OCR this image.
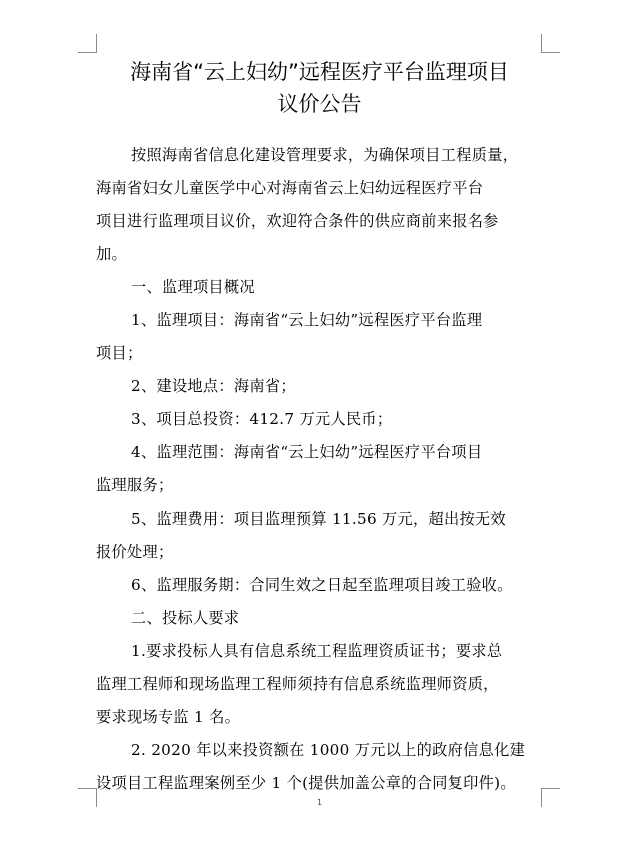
海南省“云上妇幼”远程医疗平台监理项目
议价公告
按照海南省信息化建设管理要求，为确保项目工程质量，
海南省妇女儿童医学中心对海南省云上妇幼远程医疗平台
项目进行监理项目议价，欢迎符合条件的供应商前来报名参
加。
一、监理项目概况
1、监理项目：海南省“云上妇幼”远程医疗平台监理
项目；
2、建设地点：海南省；
3、项目总投资：412.7 万元人民币；
4、监理范围：海南省“云上妇幼”远程医疗平台项目
监理服务；
5、监理费用：项目监理预算 11.56 万元，超出按无效
报价处理；
6、监理服务期：合同生效之日起至监理项目竣工验收。
二、投标人要求
1.要求投标人具有信息系统工程监理资质证书；要求总
监理工程师和现场监理工程师须持有信息系统监理师资质，
要求现场专监 1 名。
2. 2020 年以来投资额在 1000 万元以上的政府信息化建
设项目工程监理案例至少 1 个(提供加盖公章的合同复印件)。
1
